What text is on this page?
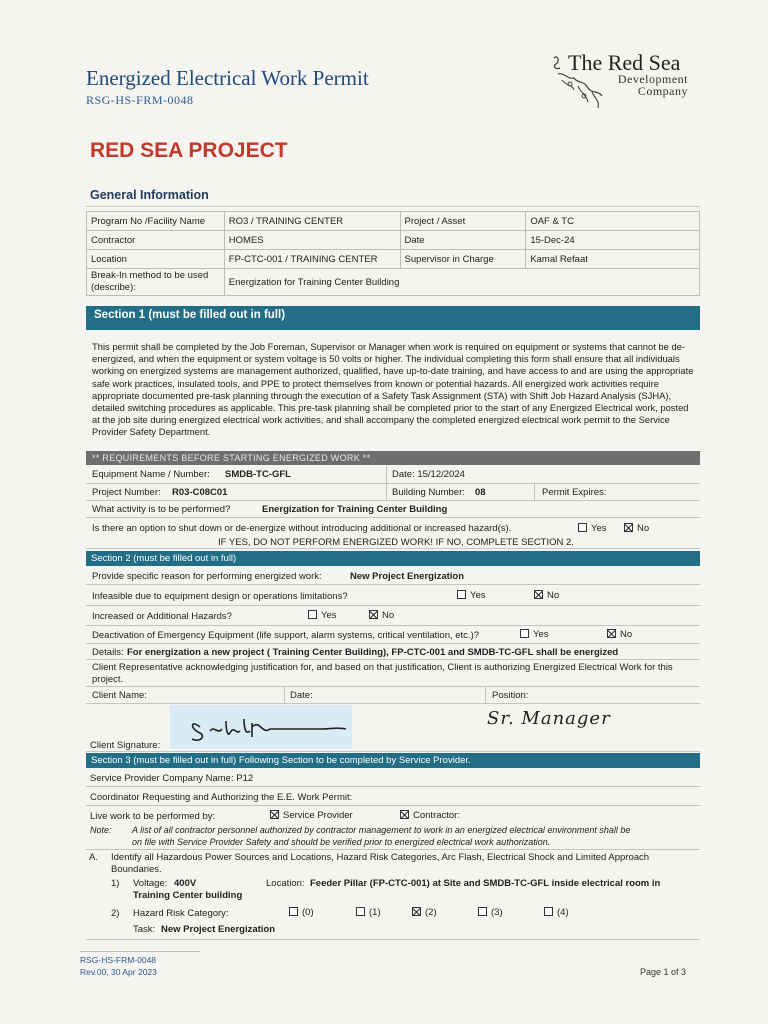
Energized Electrical Work Permit
RSG-HS-FRM-0048
The Red Sea
Development
Company
RED SEA PROJECT
General Information
Program No /Facility Name	RO3 / TRAINING CENTER	Project / Asset	OAF & TC
Contractor	HOMES	Date	15-Dec-24
Location	FP-CTC-001 / TRAINING CENTER	Supervisor in Charge	Kamal Refaat
Break-In method to be used (describe):	Energization for Training Center Building		
Section 1 (must be filled out in full)
This permit shall be completed by the Job Foreman, Supervisor or Manager when work is required on equipment or systems that cannot be de-energized, and when the equipment or system voltage is 50 volts or higher. The individual completing this form shall ensure that all individuals working on energized systems are management authorized, qualified, have up-to-date training, and have access to and are using the appropriate safe work practices, insulated tools, and PPE to protect themselves from known or potential hazards. All energized work activities require appropriate documented pre-task planning through the execution of a Safety Task Assignment (STA) with Shift Job Hazard Analysis (SJHA), detailed switching procedures as applicable. This pre-task planning shall be completed prior to the start of any Energized Electrical work, posted at the job site during energized electrical work activities, and shall accompany the completed energized electrical work permit to the Service Provider Safety Department.
** REQUIREMENTS BEFORE STARTING ENERGIZED WORK **
Equipment Name / Number: SMDB-TC-GFL	Date: 15/12/2024
Project Number: R03-C08C01	Building Number: 08	Permit Expires:
What activity is to be performed?	Energization for Training Center Building
Is there an option to shut down or de-energize without introducing additional or increased hazard(s).	Yes	No
IF YES, DO NOT PERFORM ENERGIZED WORK! IF NO, COMPLETE SECTION 2.
Section 2 (must be filled out in full)
Provide specific reason for performing energized work:	New Project Energization
Infeasible due to equipment design or operations limitations?	Yes	No
Increased or Additional Hazards?	Yes	No
Deactivation of Emergency Equipment (life support, alarm systems, critical ventilation, etc.)?	Yes	No
Details: For energization a new project ( Training Center Building), FP-CTC-001 and SMDB-TC-GFL shall be energized
Client Representative acknowledging justification for, and based on that justification, Client is authorizing Energized Electrical Work for this project.
Client Name:	Date:	Position:
Client Signature:
Sr. Manager
Section 3 (must be filled out in full) Following Section to be completed by Service Provider.
Service Provider Company Name: P12
Coordinator Requesting and Authorizing the E.E. Work Permit:
Live work to be performed by:	Service Provider	Contractor:
Note: A list of all contractor personnel authorized by contractor management to work in an energized electrical environment shall be
on file with Service Provider Safety and should be verified prior to energized electrical work authorization.
A. Identify all Hazardous Power Sources and Locations, Hazard Risk Categories, Arc Flash, Electrical Shock and Limited Approach
Boundaries.
1) Voltage: 400V	Location: Feeder Pillar (FP-CTC-001) at Site and SMDB-TC-GFL inside electrical room in
Training Center building
2) Hazard Risk Category:	(0)	(1)	(2)	(3)	(4)
Task: New Project Energization
RSG-HS-FRM-0048
Rev.00, 30 Apr 2023	Page 1 of 3
